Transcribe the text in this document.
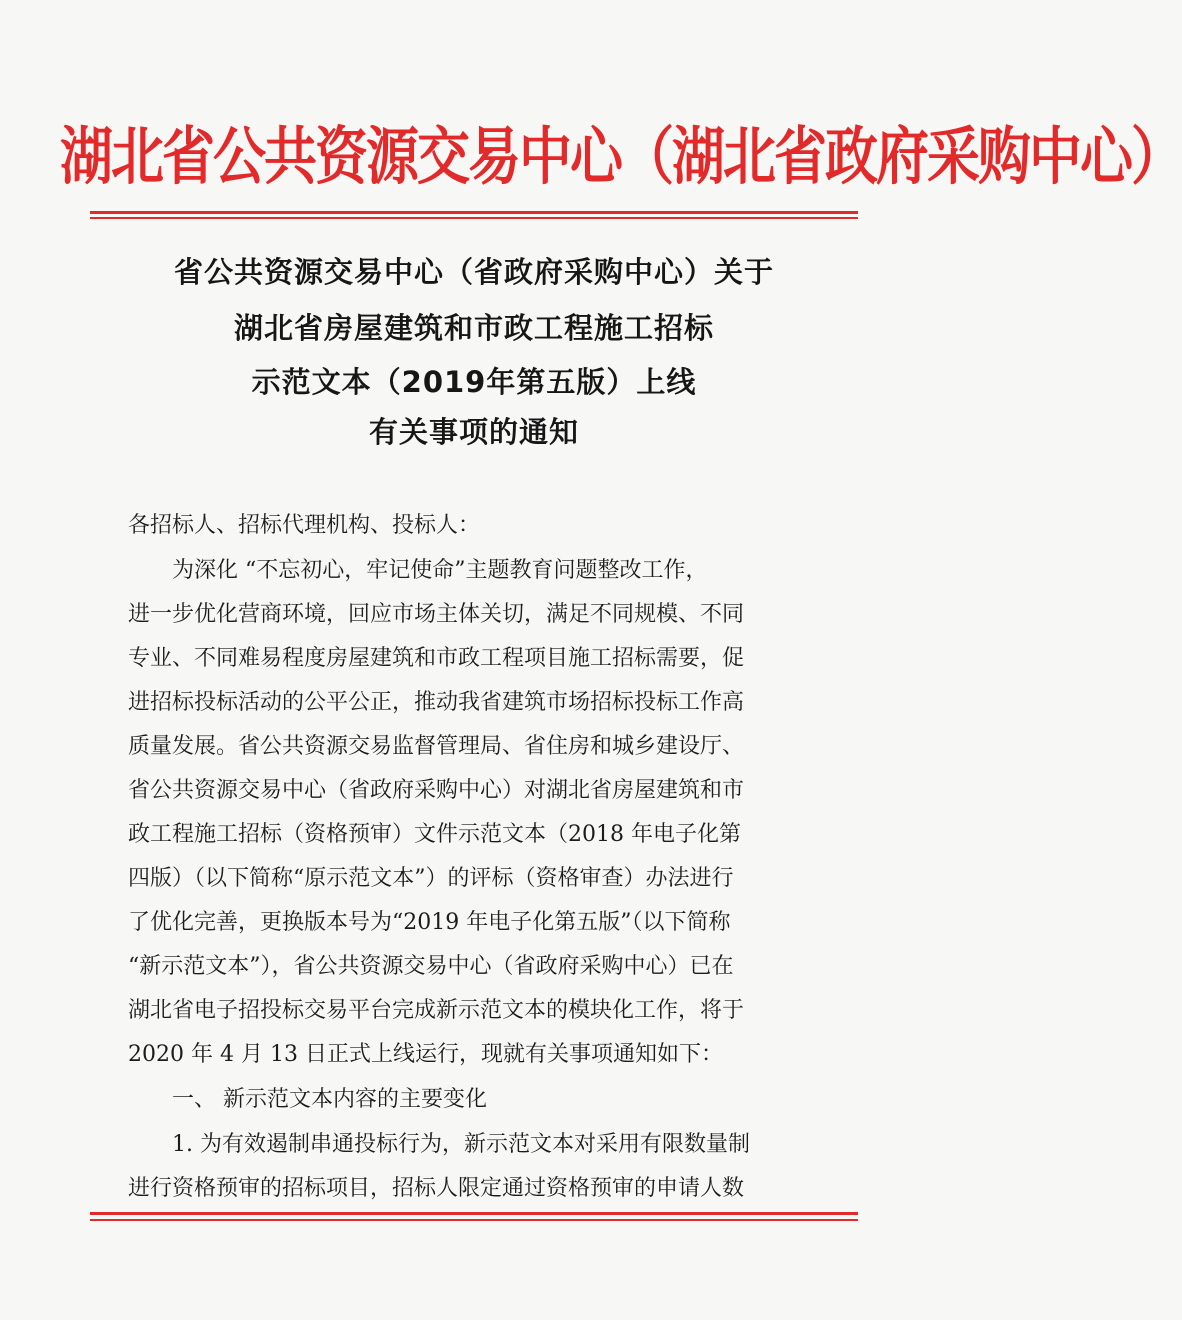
湖北省公共资源交易中心（湖北省政府采购中心）
省公共资源交易中心（省政府采购中心）关于
湖北省房屋建筑和市政工程施工招标
示范文本（2019年第五版）上线
有关事项的通知
各招标人、招标代理机构、投标人：
为深化 “不忘初心，牢记使命”主题教育问题整改工作，
进一步优化营商环境，回应市场主体关切，满足不同规模、不同
专业、不同难易程度房屋建筑和市政工程项目施工招标需要，促
进招标投标活动的公平公正，推动我省建筑市场招标投标工作高
质量发展。省公共资源交易监督管理局、省住房和城乡建设厅、
省公共资源交易中心（省政府采购中心）对湖北省房屋建筑和市
政工程施工招标（资格预审）文件示范文本（2018 年电子化第
四版）（以下简称“原示范文本”）的评标（资格审查）办法进行
了优化完善，更换版本号为“2019 年电子化第五版”（以下简称
“新示范文本”），省公共资源交易中心（省政府采购中心）已在
湖北省电子招投标交易平台完成新示范文本的模块化工作，将于
2020 年 4 月 13 日正式上线运行，现就有关事项通知如下：
一、 新示范文本内容的主要变化
1. 为有效遏制串通投标行为，新示范文本对采用有限数量制
进行资格预审的招标项目，招标人限定通过资格预审的申请人数
